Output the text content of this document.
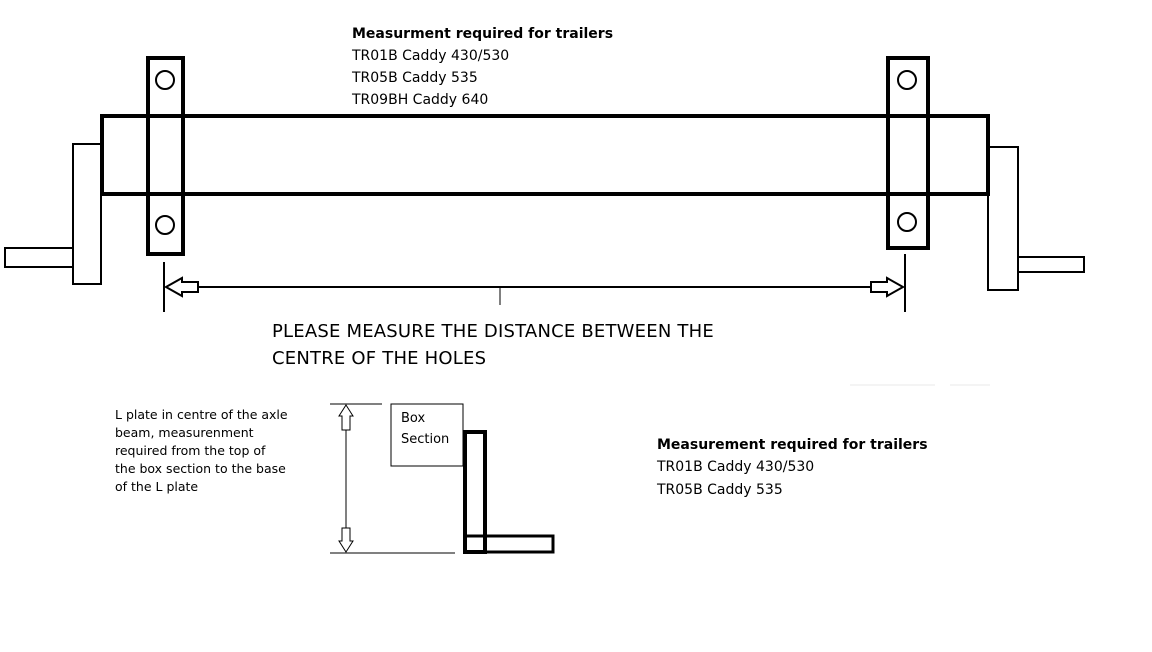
Measurment required for trailers
TR01B Caddy 430/530
TR05B Caddy 535
TR09BH Caddy 640
PLEASE MEASURE THE DISTANCE BETWEEN THE
CENTRE OF THE HOLES
L plate in centre of the axle
beam, measurenment
required from the top of
the box section to the base
of the L plate
Box
Section	Measurement required for trailers
TR01B Caddy 430/530
TR05B Caddy 535
